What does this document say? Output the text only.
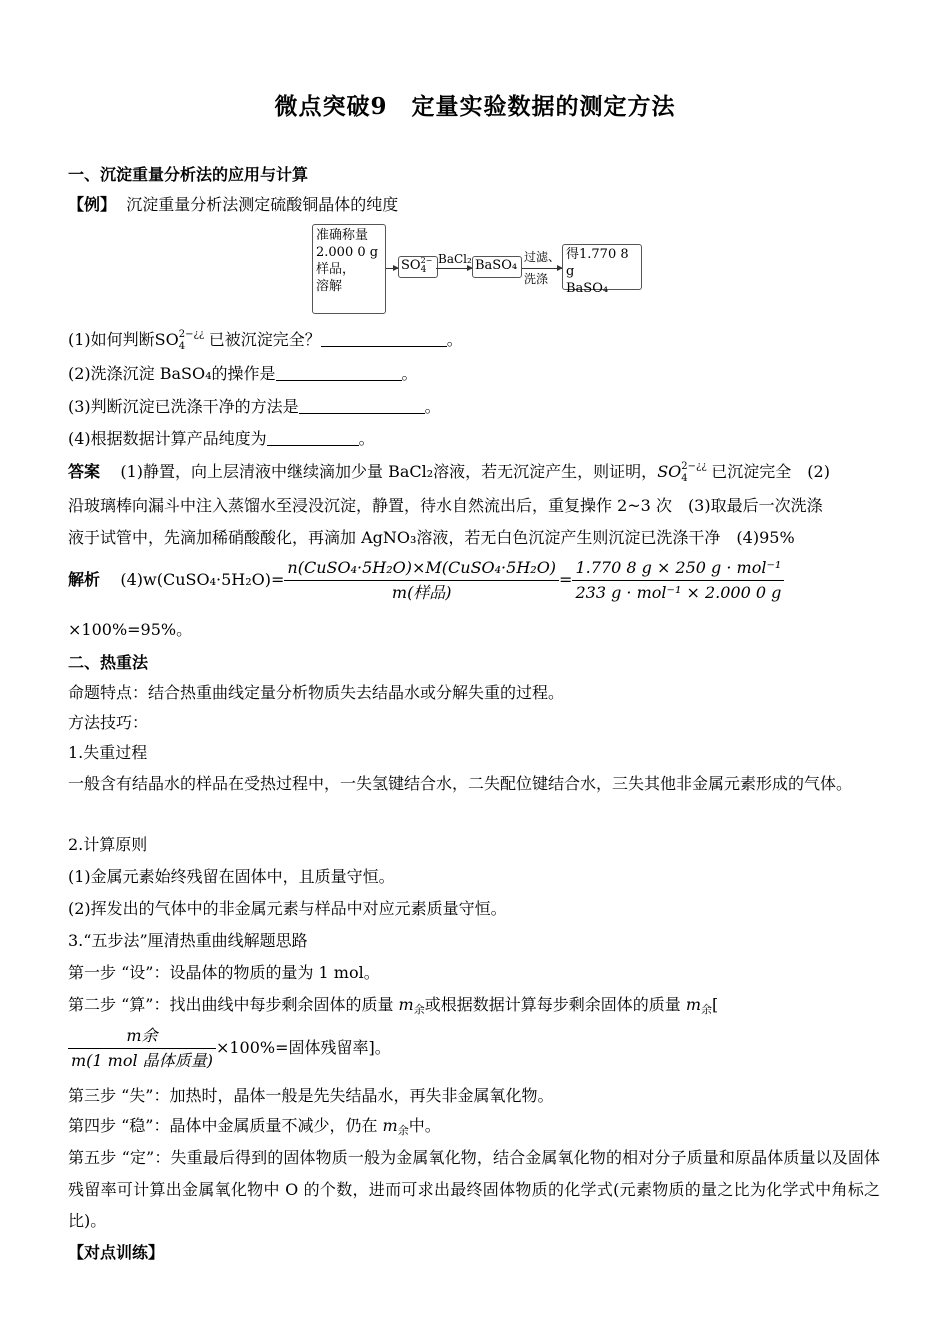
微点突破9　定量实验数据的测定方法
一、沉淀重量分析法的应用与计算
【例】 沉淀重量分析法测定硫酸铜晶体的纯度
准确称量
2.000 0 g
样品，
溶解
SO 2−
4
BaCl₂ BaSO₄
过滤、
洗涤
得1.770 8 g
BaSO₄
(1)如何判断SO 2−¿¿
4 已被沉淀完全？	。
(2)洗涤沉淀 BaSO₄的操作是	。
(3)判断沉淀已洗涤干净的方法是	。
(4)根据数据计算产品纯度为	。
答案 (1)静置，向上层清液中继续滴加少量 BaCl₂溶液，若无沉淀产生，则证明，SO 2−¿¿
4 已沉淀完全　(2)
沿玻璃棒向漏斗中注入蒸馏水至浸没沉淀，静置，待水自然流出后，重复操作 2~3 次　(3)取最后一次洗涤
液于试管中，先滴加稀硝酸酸化，再滴加 AgNO₃溶液，若无白色沉淀产生则沉淀已洗涤干净　(4)95%
解析 (4)w(CuSO₄·5H₂O)= $\frac{\text{n(CuSO₄·5H₂O)×M(CuSO₄·5H₂O)}}{\text{m(样品)}} = \frac{\text{1.770 8 g × 250 g · mol⁻¹}}{\text{233 g · mol⁻¹ × 2.000 0 g}}$
×100%=95%。
二、热重法
命题特点：结合热重曲线定量分析物质失去结晶水或分解失重的过程。
方法技巧：
1.失重过程
一般含有结晶水的样品在受热过程中，一失氢键结合水，二失配位键结合水，三失其他非金属元素形成的气体。
2.计算原则
(1)金属元素始终残留在固体中，且质量守恒。
(2)挥发出的气体中的非金属元素与样品中对应元素质量守恒。
3.“五步法”厘清热重曲线解题思路
第一步 “设”：设晶体的物质的量为 1 mol。
第二步 “算”：找出曲线中每步剩余固体的质量 m余或根据数据计算每步剩余固体的质量 m余[
$\frac{\text{m余}}{\text{m(1 mol 晶体质量)}} \times 100\%=$固体残留率]。
第三步 “失”：加热时，晶体一般是先失结晶水，再失非金属氧化物。
第四步 “稳”：晶体中金属质量不减少，仍在 m余中。
第五步 “定”：失重最后得到的固体物质一般为金属氧化物，结合金属氧化物的相对分子质量和原晶体质量以及固体残留率可计算出金属氧化物中 O 的个数，进而可求出最终固体物质的化学式(元素物质的量之比为化学式中角标之比)。
【对点训练】
